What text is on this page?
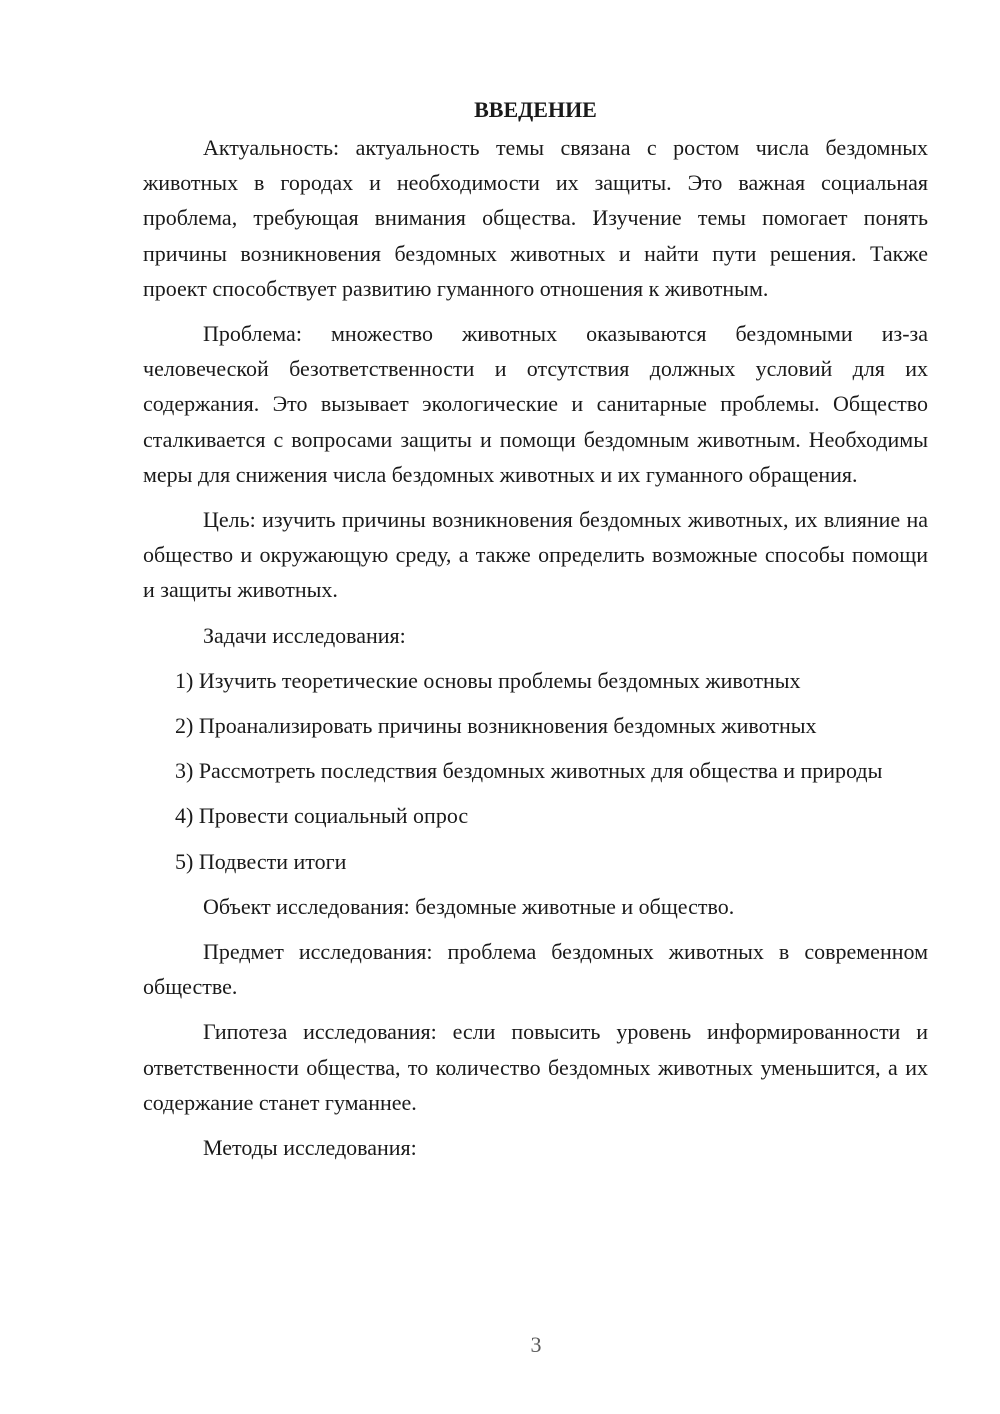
ВВЕДЕНИЕ

Актуальность: актуальность темы связана с ростом числа бездомных животных в городах и необходимости их защиты. Это важная социальная проблема, требующая внимания общества. Изучение темы помогает понять причины возникновения бездомных животных и найти пути решения. Также проект способствует развитию гуманного отношения к животным.

Проблема: множество животных оказываются бездомными из-за человеческой безответственности и отсутствия должных условий для их содержания. Это вызывает экологические и санитарные проблемы. Общество сталкивается с вопросами защиты и помощи бездомным животным. Необходимы меры для снижения числа бездомных животных и их гуманного обращения.

Цель: изучить причины возникновения бездомных животных, их влияние на общество и окружающую среду, а также определить возможные способы помощи и защиты животных.

Задачи исследования:

1) Изучить теоретические основы проблемы бездомных животных

2) Проанализировать причины возникновения бездомных животных

3) Рассмотреть последствия бездомных животных для общества и природы

4) Провести социальный опрос

5) Подвести итоги

Объект исследования: бездомные животные и общество.

Предмет исследования: проблема бездомных животных в современном обществе.

Гипотеза исследования: если повысить уровень информированности и ответственности общества, то количество бездомных животных уменьшится, а их содержание станет гуманнее.

Методы исследования:

3
